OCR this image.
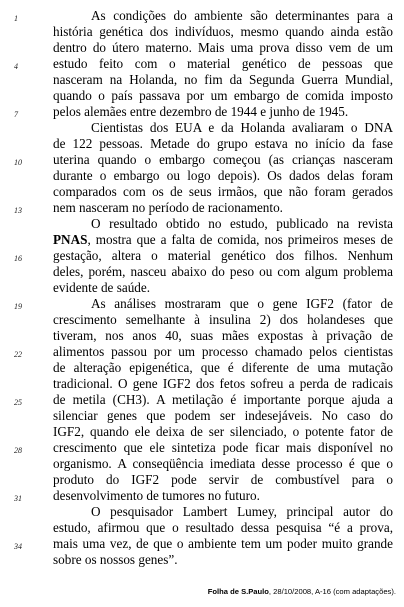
As condições do ambiente são determinantes para a
história genética dos indivíduos, mesmo quando ainda estão
dentro do útero materno. Mais uma prova disso vem de um
estudo feito com o material genético de pessoas que
nasceram na Holanda, no fim da Segunda Guerra Mundial,
quando o país passava por um embargo de comida imposto
pelos alemães entre dezembro de 1944 e junho de 1945.
Cientistas dos EUA e da Holanda avaliaram o DNA
de 122 pessoas. Metade do grupo estava no início da fase
uterina quando o embargo começou (as crianças nasceram
durante o embargo ou logo depois). Os dados delas foram
comparados com os de seus irmãos, que não foram gerados
nem nasceram no período de racionamento.
O resultado obtido no estudo, publicado na revista
PNAS, mostra que a falta de comida, nos primeiros meses de
gestação, altera o material genético dos filhos. Nenhum
deles, porém, nasceu abaixo do peso ou com algum problema
evidente de saúde.
As análises mostraram que o gene IGF2 (fator de
crescimento semelhante à insulina 2) dos holandeses que
tiveram, nos anos 40, suas mães expostas à privação de
alimentos passou por um processo chamado pelos cientistas
de alteração epigenética, que é diferente de uma mutação
tradicional. O gene IGF2 dos fetos sofreu a perda de radicais
de metila (CH3). A metilação é importante porque ajuda a
silenciar genes que podem ser indesejáveis. No caso do
IGF2, quando ele deixa de ser silenciado, o potente fator de
crescimento que ele sintetiza pode ficar mais disponível no
organismo. A conseqüência imediata desse processo é que o
produto do IGF2 pode servir de combustível para o
desenvolvimento de tumores no futuro.
O pesquisador Lambert Lumey, principal autor do
estudo, afirmou que o resultado dessa pesquisa “é a prova,
mais uma vez, de que o ambiente tem um poder muito grande
sobre os nossos genes”.
1
4
7
10
13
16
19
22
25
28
31
34
Folha de S.Paulo, 28/10/2008, A-16 (com adaptações).
